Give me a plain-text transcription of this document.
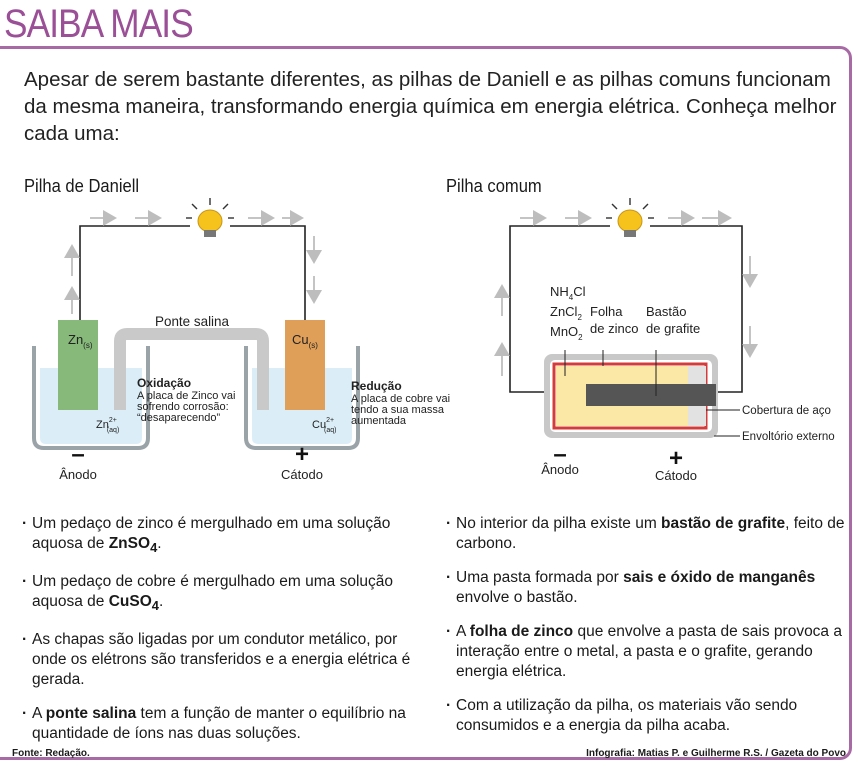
SAIBA MAIS

Apesar de serem bastante diferentes, as pilhas de Daniell e as pilhas comuns funcionam da mesma maneira, transformando energia química em energia elétrica. Conheça melhor cada uma:

Pilha de Daniell	Pilha comum
Ponte salina
$Zn_{(s)}$	$Cu_{(s)}$
$Zn^{2+}$ (aq)	$Cu^{2+}$ (aq)
Oxidação
A placa de Zinco vai sofrendo corrosão: “desaparecendo”
Redução
A placa de cobre vai tendo a sua massa aumentada
–
Ânodo
+
Cátodo
$NH_4Cl$
ZnCl$_2$
MnO$_2$
Folha de zinco
Bastão de grafite
Cobertura de aço
Envoltório externo
–
Ânodo	+
Cátodo
· Um pedaço de zinco é mergulhado em uma solução aquosa de ZnSO$_4$.
· Um pedaço de cobre é mergulhado em uma solução aquosa de CuSO$_4$.
· As chapas são ligadas por um condutor metálico, por onde os elétrons são transferidos e a energia elétrica é gerada.
· A ponte salina tem a função de manter o equilíbrio na quantidade de íons nas duas soluções.
· No interior da pilha existe um bastão de grafite, feito de carbono.
· Uma pasta formada por sais e óxido de manganês envolve o bastão.
· A folha de zinco que envolve a pasta de sais provoca a interação entre o metal, a pasta e o grafite, gerando energia elétrica.
· Com a utilização da pilha, os materiais vão sendo consumidos e a energia da pilha acaba.

Fonte: Redação.	Infografia: Matias P. e Guilherme R.S. / Gazeta do Povo
